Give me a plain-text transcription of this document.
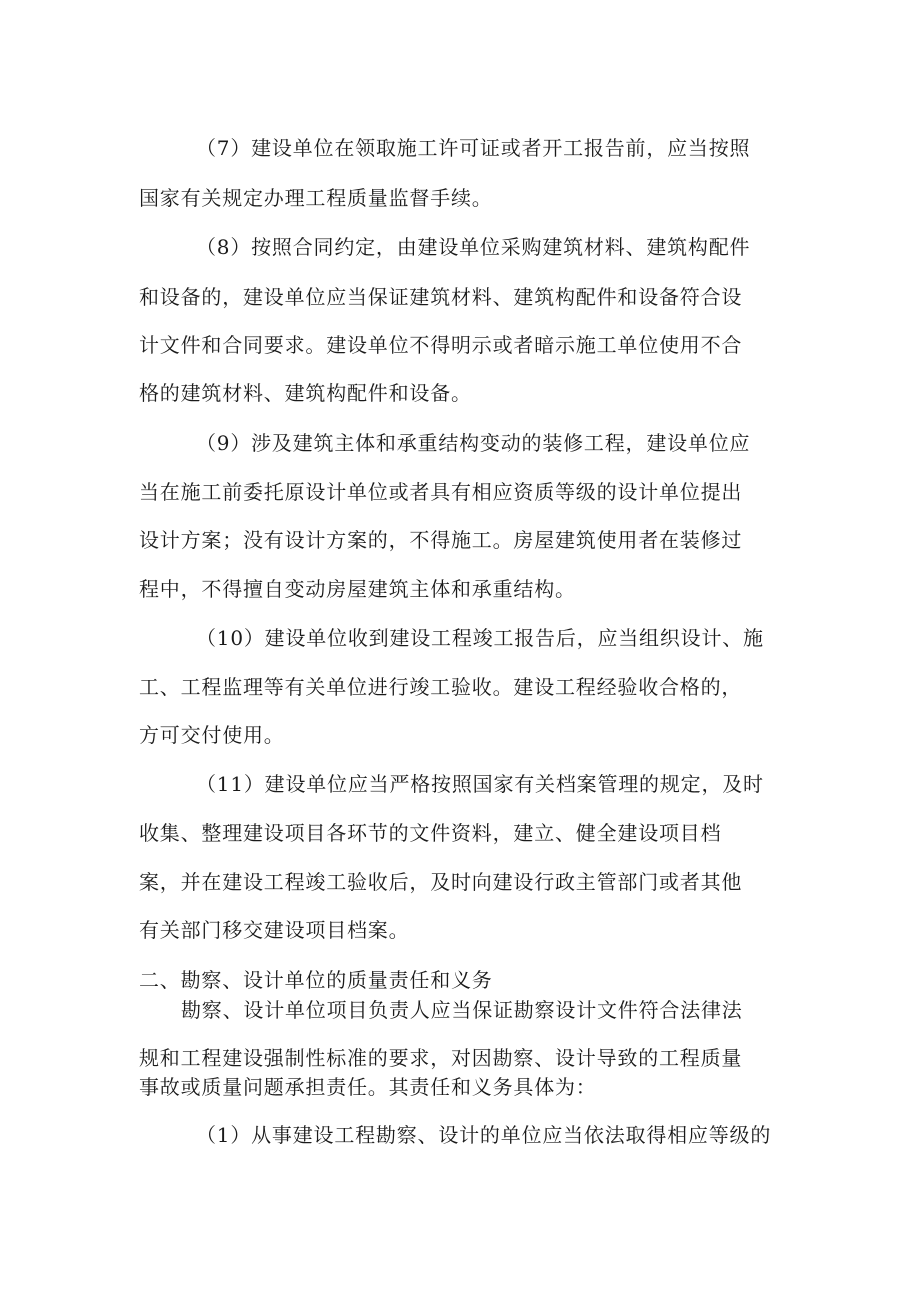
（7）建设单位在领取施工许可证或者开工报告前，应当按照
国家有关规定办理工程质量监督手续。
（8）按照合同约定，由建设单位采购建筑材料、建筑构配件
和设备的，建设单位应当保证建筑材料、建筑构配件和设备符合设
计文件和合同要求。建设单位不得明示或者暗示施工单位使用不合
格的建筑材料、建筑构配件和设备。
（9）涉及建筑主体和承重结构变动的装修工程，建设单位应
当在施工前委托原设计单位或者具有相应资质等级的设计单位提出
设计方案；没有设计方案的，不得施工。房屋建筑使用者在装修过
程中，不得擅自变动房屋建筑主体和承重结构。
（10）建设单位收到建设工程竣工报告后，应当组织设计、施
工、工程监理等有关单位进行竣工验收。建设工程经验收合格的，
方可交付使用。
（11）建设单位应当严格按照国家有关档案管理的规定，及时
收集、整理建设项目各环节的文件资料，建立、健全建设项目档
案，并在建设工程竣工验收后，及时向建设行政主管部门或者其他
有关部门移交建设项目档案。
二、勘察、设计单位的质量责任和义务
勘察、设计单位项目负责人应当保证勘察设计文件符合法律法
规和工程建设强制性标准的要求，对因勘察、设计导致的工程质量
事故或质量问题承担责任。其责任和义务具体为：
（1）从事建设工程勘察、设计的单位应当依法取得相应等级的
